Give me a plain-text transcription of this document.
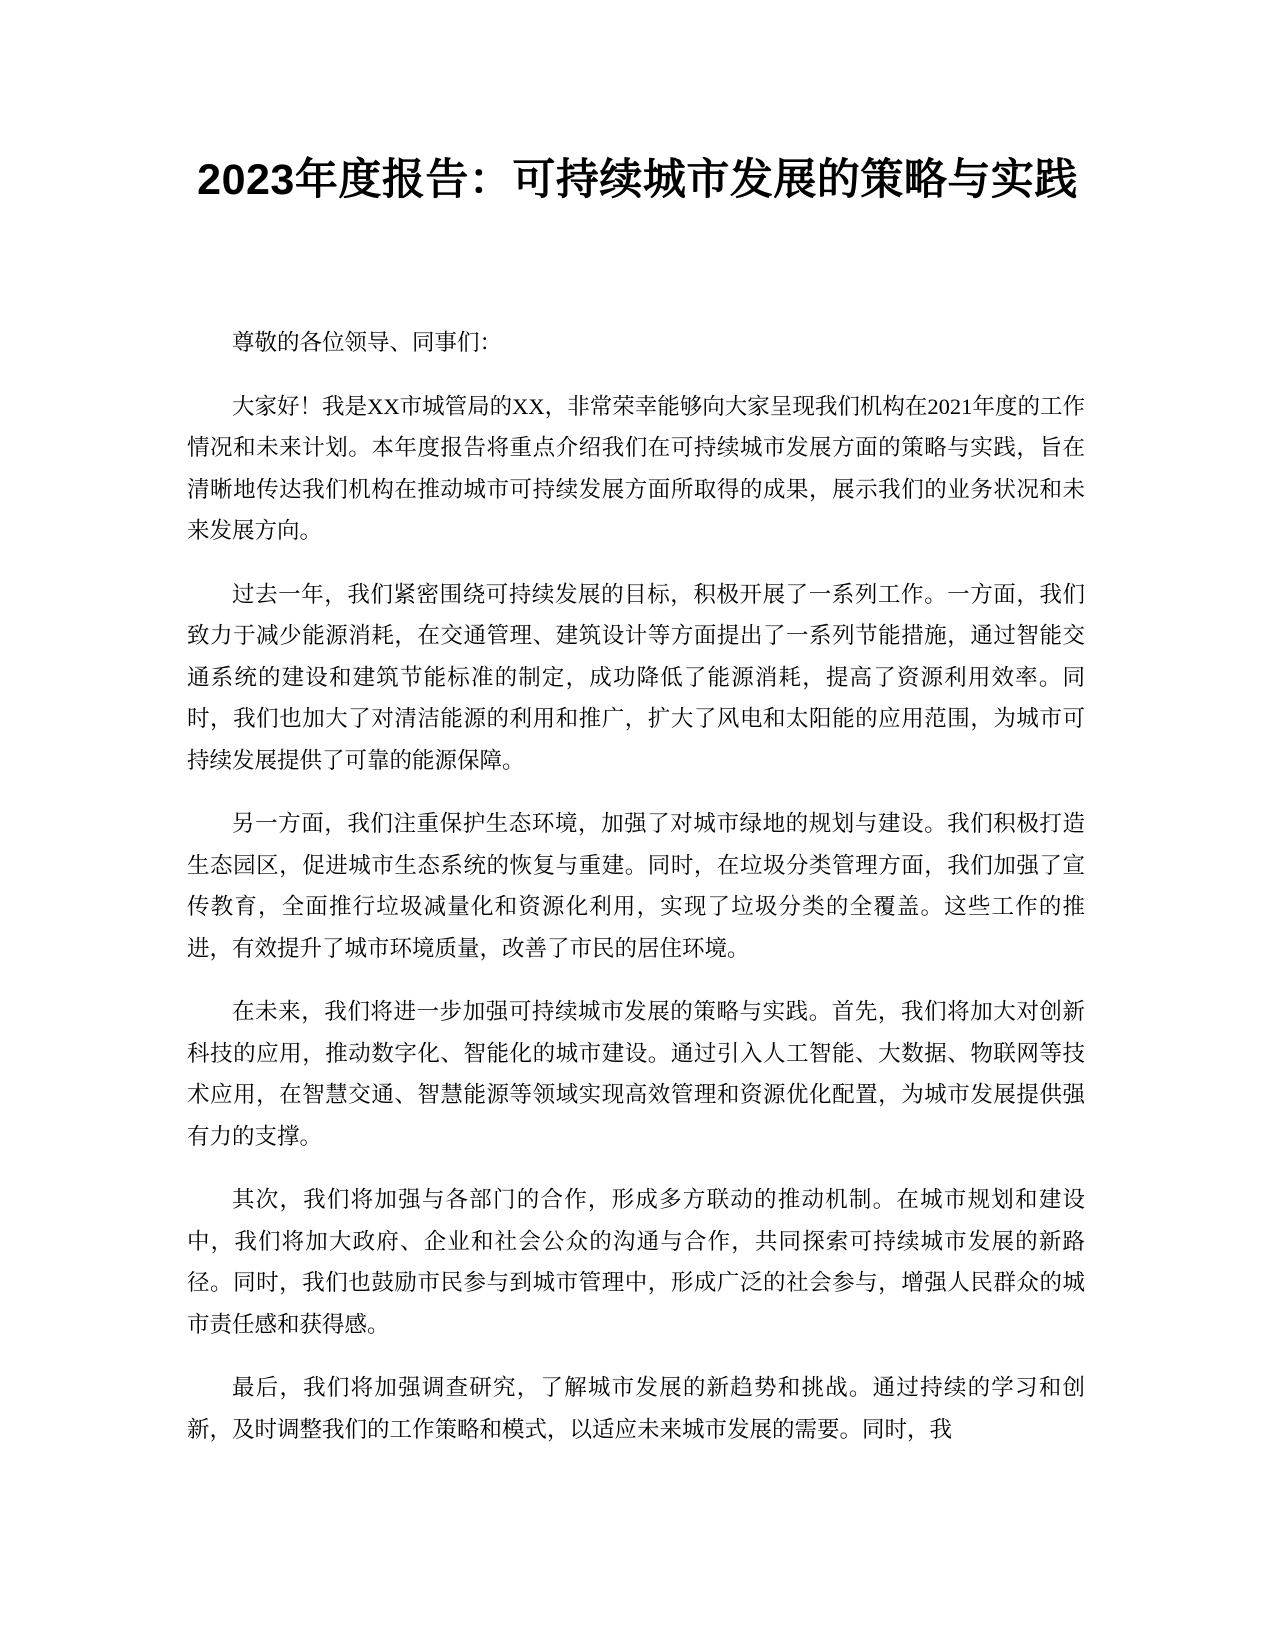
2023年度报告：可持续城市发展的策略与实践

尊敬的各位领导、同事们：

大家好！我是XX市城管局的XX，非常荣幸能够向大家呈现我们机构在2021年度的工作情况和未来计划。本年度报告将重点介绍我们在可持续城市发展方面的策略与实践，旨在清晰地传达我们机构在推动城市可持续发展方面所取得的成果，展示我们的业务状况和未来发展方向。

过去一年，我们紧密围绕可持续发展的目标，积极开展了一系列工作。一方面，我们致力于减少能源消耗，在交通管理、建筑设计等方面提出了一系列节能措施，通过智能交通系统的建设和建筑节能标准的制定，成功降低了能源消耗，提高了资源利用效率。同时，我们也加大了对清洁能源的利用和推广，扩大了风电和太阳能的应用范围，为城市可持续发展提供了可靠的能源保障。

另一方面，我们注重保护生态环境，加强了对城市绿地的规划与建设。我们积极打造生态园区，促进城市生态系统的恢复与重建。同时，在垃圾分类管理方面，我们加强了宣传教育，全面推行垃圾减量化和资源化利用，实现了垃圾分类的全覆盖。这些工作的推进，有效提升了城市环境质量，改善了市民的居住环境。

在未来，我们将进一步加强可持续城市发展的策略与实践。首先，我们将加大对创新科技的应用，推动数字化、智能化的城市建设。通过引入人工智能、大数据、物联网等技术应用，在智慧交通、智慧能源等领域实现高效管理和资源优化配置，为城市发展提供强有力的支撑。

其次，我们将加强与各部门的合作，形成多方联动的推动机制。在城市规划和建设中，我们将加大政府、企业和社会公众的沟通与合作，共同探索可持续城市发展的新路径。同时，我们也鼓励市民参与到城市管理中，形成广泛的社会参与，增强人民群众的城市责任感和获得感。

最后，我们将加强调查研究，了解城市发展的新趋势和挑战。通过持续的学习和创新，及时调整我们的工作策略和模式，以适应未来城市发展的需要。同时，我
